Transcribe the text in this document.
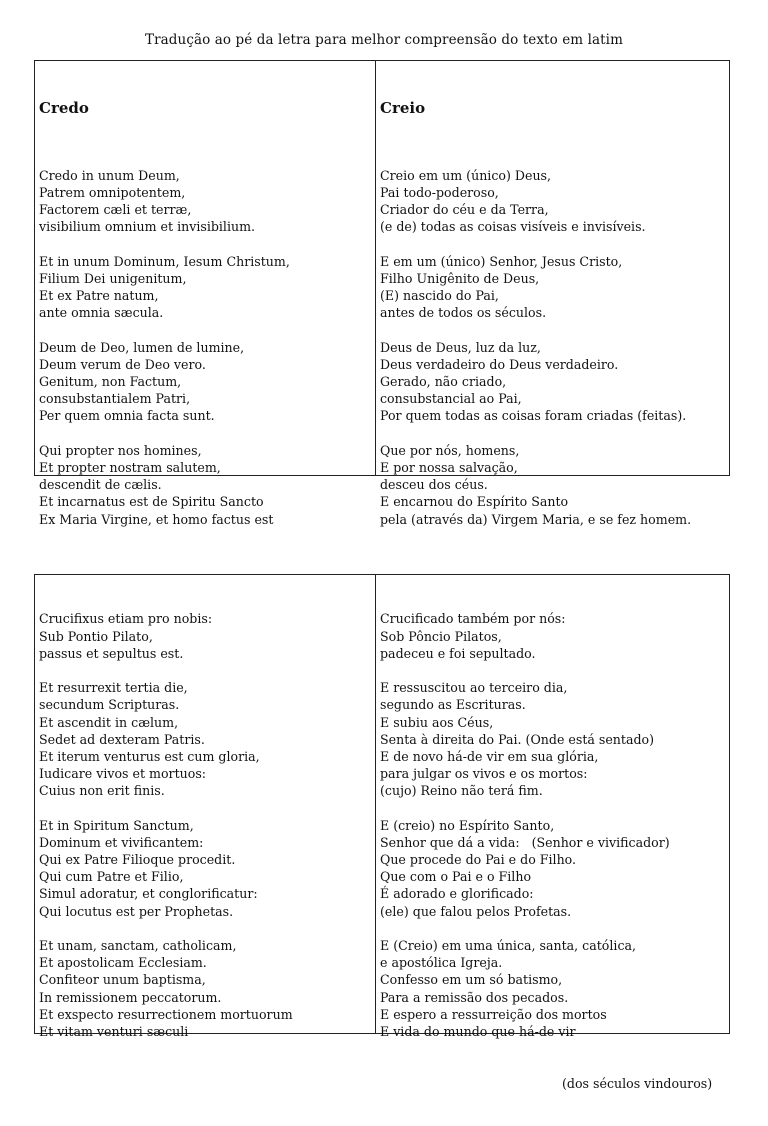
Tradução ao pé da letra para melhor compreensão do texto em latim

Credo

Credo in unum Deum,
Patrem omnipotentem,
Factorem cæli et terræ,
visibilium omnium et invisibilium.
Et in unum Dominum, Iesum Christum,
Filium Dei unigenitum,
Et ex Patre natum,
ante omnia sæcula.
Deum de Deo, lumen de lumine,
Deum verum de Deo vero.
Genitum, non Factum,
consubstantialem Patri,
Per quem omnia facta sunt.
Qui propter nos homines,
Et propter nostram salutem,
descendit de cælis.
Et incarnatus est de Spiritu Sancto
Ex Maria Virgine, et homo factus est

Creio

Creio em um (único) Deus,
Pai todo-poderoso,
Criador do céu e da Terra,
(e de) todas as coisas visíveis e invisíveis.
E em um (único) Senhor, Jesus Cristo,
Filho Unigênito de Deus,
(E) nascido do Pai,
antes de todos os séculos.
Deus de Deus, luz da luz,
Deus verdadeiro do Deus verdadeiro.
Gerado, não criado,
consubstancial ao Pai,
Por quem todas as coisas foram criadas (feitas).
Que por nós, homens,
E por nossa salvação,
desceu dos céus.
E encarnou do Espírito Santo
pela (através da) Virgem Maria, e se fez homem.

Crucifixus etiam pro nobis:
Sub Pontio Pilato,
passus et sepultus est.
Et resurrexit tertia die,
secundum Scripturas.
Et ascendit in cælum,
Sedet ad dexteram Patris.
Et iterum venturus est cum gloria,
Iudicare vivos et mortuos:
Cuius non erit finis.
Et in Spiritum Sanctum,
Dominum et vivificantem:
Qui ex Patre Filioque procedit.
Qui cum Patre et Filio,
Simul adoratur, et conglorificatur:
Qui locutus est per Prophetas.
Et unam, sanctam, catholicam,
Et apostolicam Ecclesiam.
Confiteor unum baptisma,
In remissionem peccatorum.
Et exspecto resurrectionem mortuorum
Et vitam venturi sæculi

Crucificado também por nós:
Sob Pôncio Pilatos,
padeceu e foi sepultado.
E ressuscitou ao terceiro dia,
segundo as Escrituras.
E subiu aos Céus,
Senta à direita do Pai. (Onde está sentado)
E de novo há-de vir em sua glória,
para julgar os vivos e os mortos:
(cujo) Reino não terá fim.
E (creio) no Espírito Santo,
Senhor que dá a vida:   (Senhor e vivificador)
Que procede do Pai e do Filho.
Que com o Pai e o Filho
É adorado e glorificado:
(ele) que falou pelos Profetas.
E (Creio) em uma única, santa, católica,
e apostólica Igreja.
Confesso em um só batismo,
Para a remissão dos pecados.
E espero a ressurreição dos mortos
E vida do mundo que há-de vir

(dos séculos vindouros)
